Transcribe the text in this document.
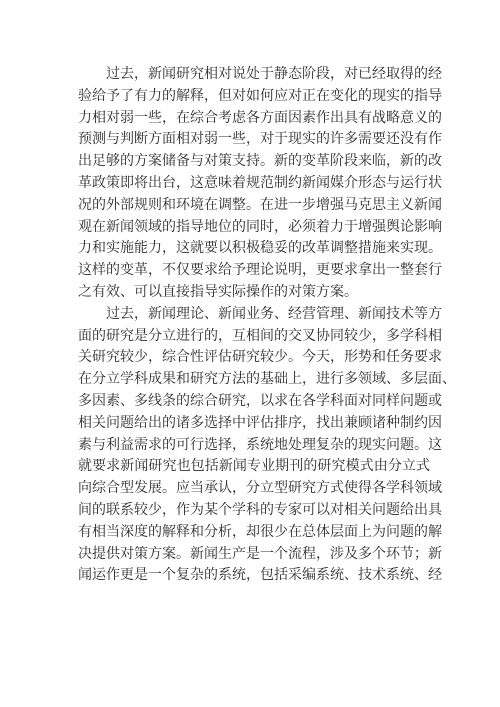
过去，新闻研究相对说处于静态阶段，对已经取得的经
验给予了有力的解释，但对如何应对正在变化的现实的指导
力相对弱一些，在综合考虑各方面因素作出具有战略意义的
预测与判断方面相对弱一些，对于现实的许多需要还没有作
出足够的方案储备与对策支持。新的变革阶段来临，新的改
革政策即将出台，这意味着规范制约新闻媒介形态与运行状
况的外部规则和环境在调整。在进一步增强马克思主义新闻
观在新闻领域的指导地位的同时，必须着力于增强舆论影响
力和实施能力，这就要以积极稳妥的改革调整措施来实现。
这样的变革，不仅要求给予理论说明，更要求拿出一整套行
之有效、可以直接指导实际操作的对策方案。

过去，新闻理论、新闻业务、经营管理、新闻技术等方
面的研究是分立进行的，互相间的交叉协同较少，多学科相
关研究较少，综合性评估研究较少。今天，形势和任务要求
在分立学科成果和研究方法的基础上，进行多领域、多层面、
多因素、多线条的综合研究，以求在各学科面对同样问题或
相关问题给出的诸多选择中评估排序，找出兼顾诸种制约因
素与利益需求的可行选择，系统地处理复杂的现实问题。这
就要求新闻研究也包括新闻专业期刊的研究模式由分立式
向综合型发展。应当承认，分立型研究方式使得各学科领域
间的联系较少，作为某个学科的专家可以对相关问题给出具
有相当深度的解释和分析，却很少在总体层面上为问题的解
决提供对策方案。新闻生产是一个流程，涉及多个环节；新
闻运作更是一个复杂的系统，包括采编系统、技术系统、经
